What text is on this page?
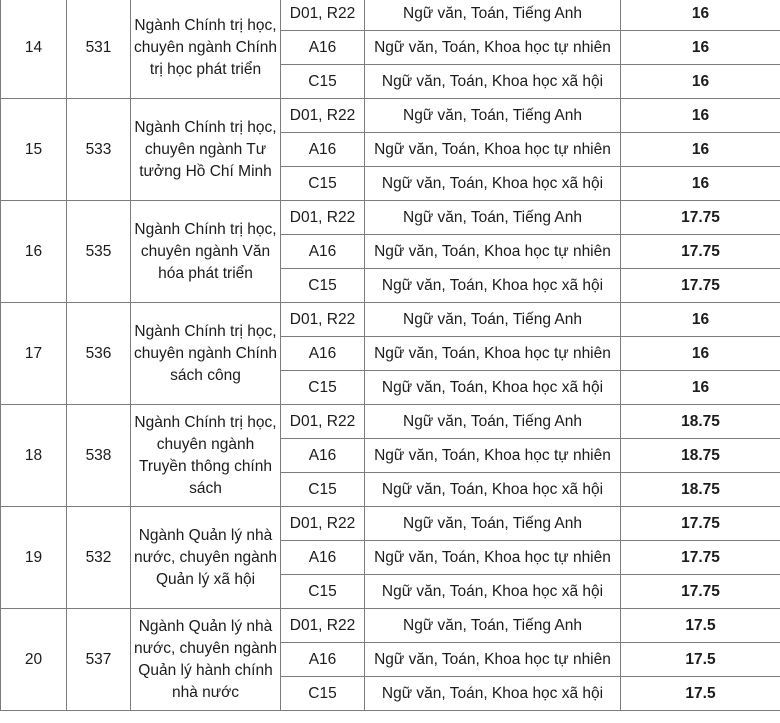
14	531	Ngành Chính trị học,
chuyên ngành Chính
trị học phát triển	D01, R22	Ngữ văn, Toán, Tiếng Anh	16
			A16	Ngữ văn, Toán, Khoa học tự nhiên	16
			C15	Ngữ văn, Toán, Khoa học xã hội	16
15	533	Ngành Chính trị học,
chuyên ngành Tư
tưởng Hồ Chí Minh	D01, R22	Ngữ văn, Toán, Tiếng Anh	16
			A16	Ngữ văn, Toán, Khoa học tự nhiên	16
			C15	Ngữ văn, Toán, Khoa học xã hội	16
16	535	Ngành Chính trị học,
chuyên ngành Văn
hóa phát triển	D01, R22	Ngữ văn, Toán, Tiếng Anh	17.75
			A16	Ngữ văn, Toán, Khoa học tự nhiên	17.75
			C15	Ngữ văn, Toán, Khoa học xã hội	17.75
17	536	Ngành Chính trị học,
chuyên ngành Chính
sách công	D01, R22	Ngữ văn, Toán, Tiếng Anh	16
			A16	Ngữ văn, Toán, Khoa học tự nhiên	16
			C15	Ngữ văn, Toán, Khoa học xã hội	16
18	538	Ngành Chính trị học,
chuyên ngành
Truyền thông chính
sách	D01, R22	Ngữ văn, Toán, Tiếng Anh	18.75
			A16	Ngữ văn, Toán, Khoa học tự nhiên	18.75
			C15	Ngữ văn, Toán, Khoa học xã hội	18.75
19	532	Ngành Quản lý nhà
nước, chuyên ngành
Quản lý xã hội	D01, R22	Ngữ văn, Toán, Tiếng Anh	17.75
			A16	Ngữ văn, Toán, Khoa học tự nhiên	17.75
			C15	Ngữ văn, Toán, Khoa học xã hội	17.75
20	537	Ngành Quản lý nhà
nước, chuyên ngành
Quản lý hành chính
nhà nước	D01, R22	Ngữ văn, Toán, Tiếng Anh	17.5
			A16	Ngữ văn, Toán, Khoa học tự nhiên	17.5
			C15	Ngữ văn, Toán, Khoa học xã hội	17.5
